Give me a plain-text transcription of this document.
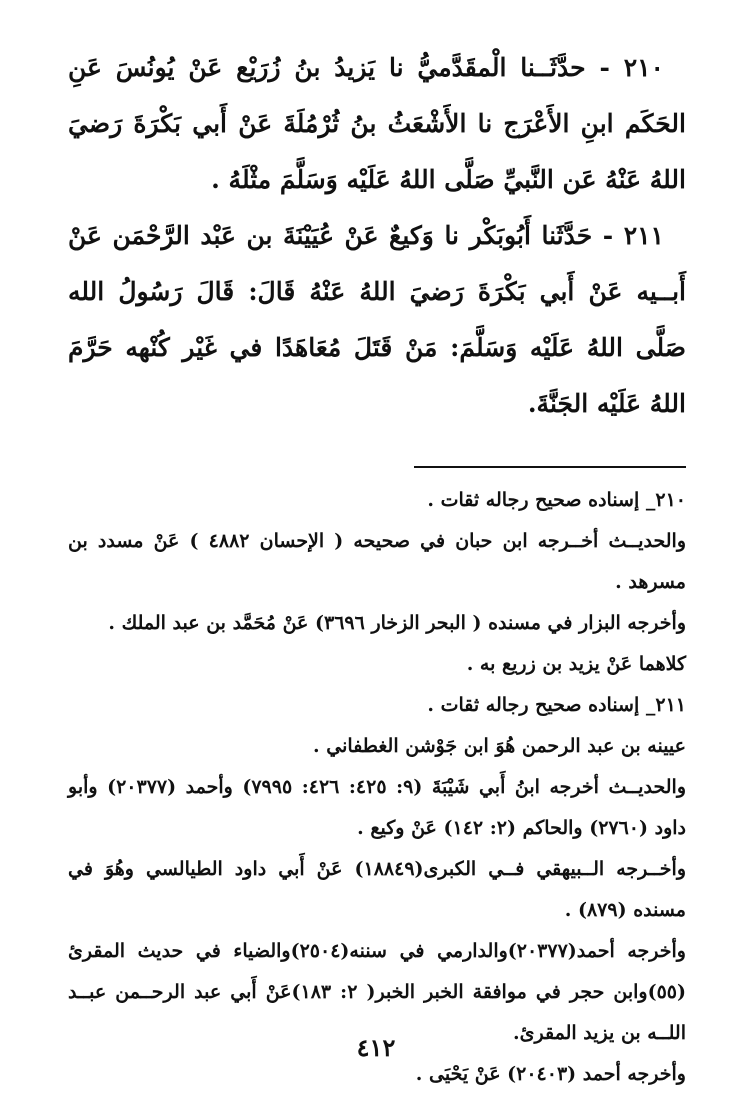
٢١٠ - حدَّثَــنا الْمقَدَّميُّ نا يَزيدُ بنُ زُرَيْع عَنْ يُونُسَ عَنِ الحَكَم ابنِ الأَعْرَج نا الأَشْعَثُ بنُ ثُرْمُلَةَ عَنْ أَبي بَكْرَةَ رَضيَ اللهُ عَنْهُ عَن النَّبيِّ صَلَّى اللهُ عَلَيْه وَسَلَّمَ مثْلَهُ .

٢١١ - حَدَّثَنا أَبُوبَكْر نا وَكيعٌ عَنْ عُيَيْنَةَ بن عَبْد الرَّحْمَن عَنْ أَبــيه عَنْ أَبي بَكْرَةَ رَضيَ اللهُ عَنْهُ قَالَ: قَالَ رَسُولُ الله صَلَّى اللهُ عَلَيْه وَسَلَّمَ: مَنْ قَتَلَ مُعَاهَدًا في غَيْر كُنْهه حَرَّمَ اللهُ عَلَيْه الجَنَّةَ.

٢١٠_ إسناده صحيح رجاله ثقات .

والحديــث أخــرجه ابن حبان في صحيحه ( الإحسان ٤٨٨٢ ) عَنْ مسدد بن مسرهد .

وأخرجه البزار في مسنده ( البحر الزخار ٣٦٩٦) عَنْ مُحَمَّد بن عبد الملك .

كلاهما عَنْ يزيد بن زريع به .

٢١١_ إسناده صحيح رجاله ثقات .

عيينه بن عبد الرحمن هُوَ ابن جَوْشن الغطفاني .

والحديــث أخرجه ابنُ أَبي شَيْبَةَ (٩: ٤٢٥: ٤٢٦: ٧٩٩٥) وأحمد (٢٠٣٧٧) وأبو داود (٢٧٦٠) والحاكم (٢: ١٤٢) عَنْ وكيع .

وأخــرجه الــبيهقي فــي الكبرى(١٨٨٤٩) عَنْ أَبي داود الطيالسي وهُوَ في مسنده (٨٧٩) .

وأخرجه أحمد(٢٠٣٧٧)والدارمي في سننه(٢٥٠٤)والضياء في حديث المقرئ (٥٥)وابن حجر في موافقة الخبر الخبر( ٢: ١٨٣)عَنْ أَبي عبد الرحــمن عبــد اللــه بن يزيد المقرئ.

وأخرجه أحمد (٢٠٤٠٣) عَنْ يَحْيَى .

٤١٢
